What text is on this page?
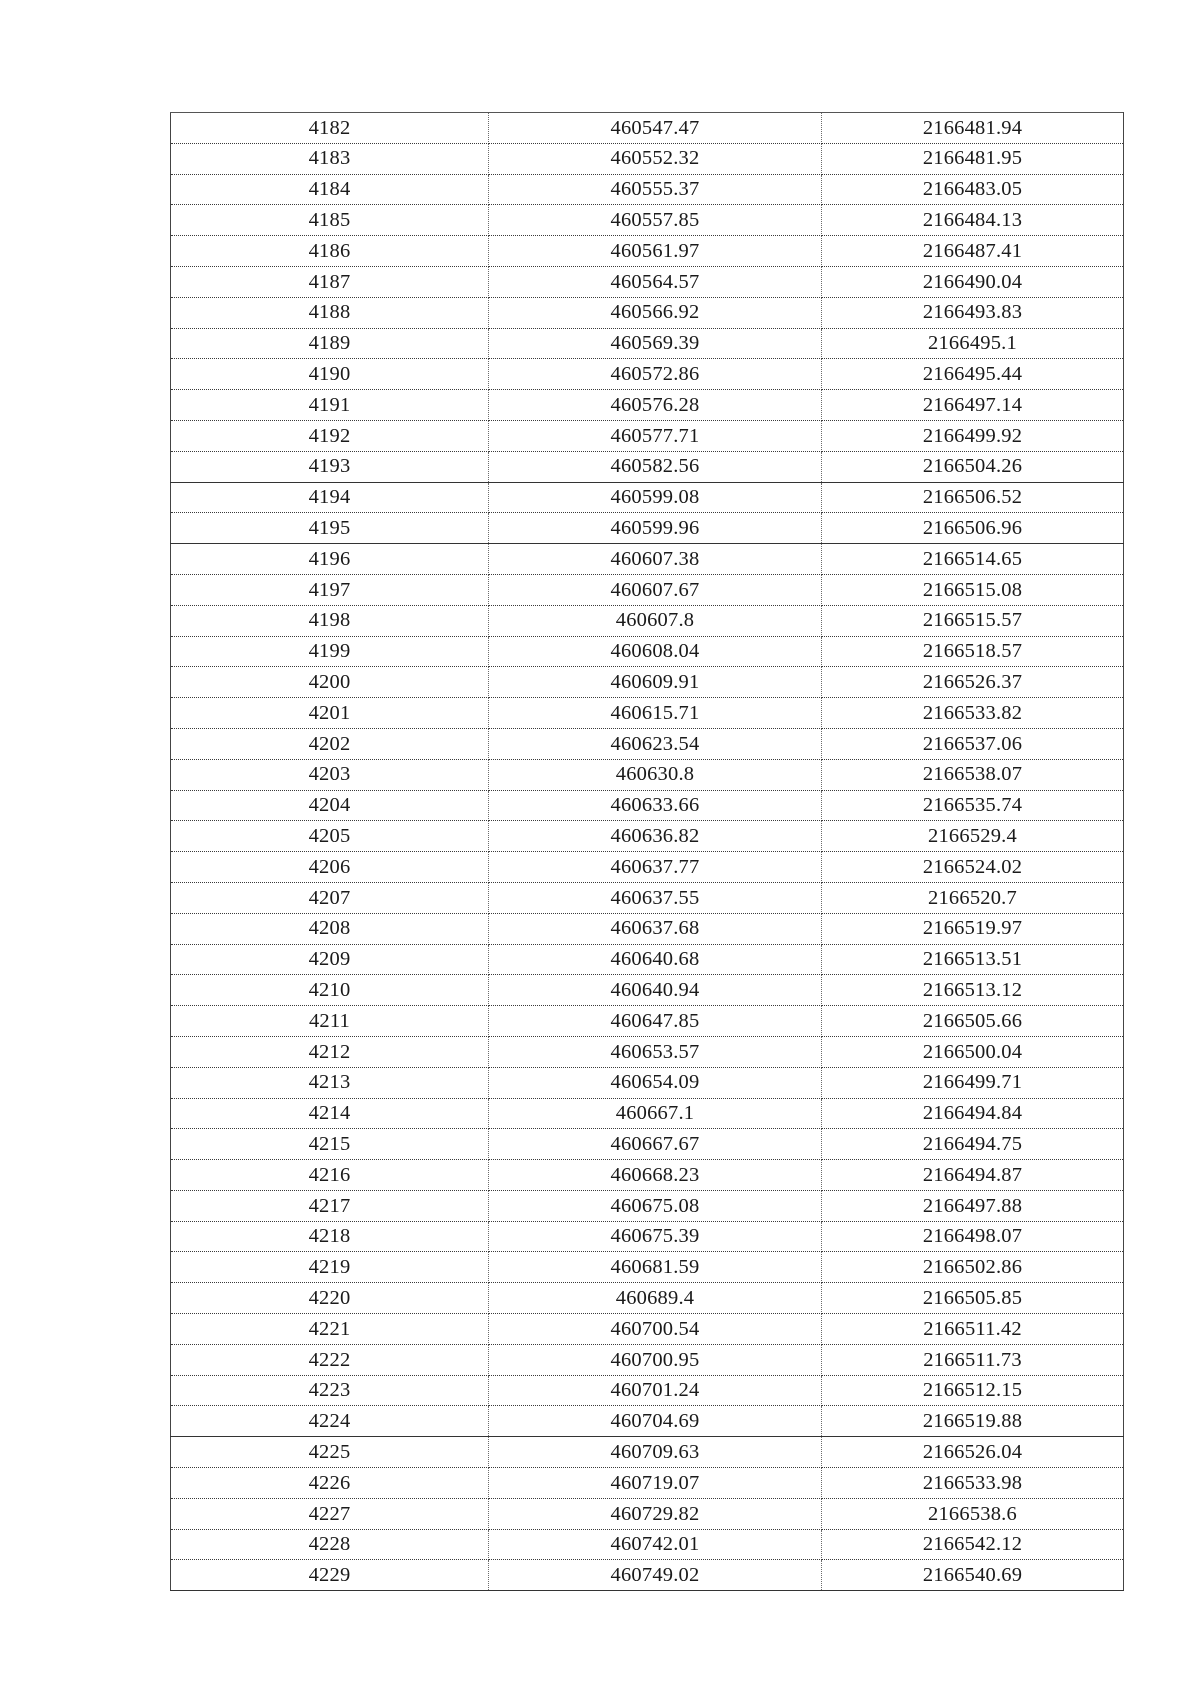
4182	460547.47	2166481.94
4183	460552.32	2166481.95
4184	460555.37	2166483.05
4185	460557.85	2166484.13
4186	460561.97	2166487.41
4187	460564.57	2166490.04
4188	460566.92	2166493.83
4189	460569.39	2166495.1
4190	460572.86	2166495.44
4191	460576.28	2166497.14
4192	460577.71	2166499.92
4193	460582.56	2166504.26
4194	460599.08	2166506.52
4195	460599.96	2166506.96
4196	460607.38	2166514.65
4197	460607.67	2166515.08
4198	460607.8	2166515.57
4199	460608.04	2166518.57
4200	460609.91	2166526.37
4201	460615.71	2166533.82
4202	460623.54	2166537.06
4203	460630.8	2166538.07
4204	460633.66	2166535.74
4205	460636.82	2166529.4
4206	460637.77	2166524.02
4207	460637.55	2166520.7
4208	460637.68	2166519.97
4209	460640.68	2166513.51
4210	460640.94	2166513.12
4211	460647.85	2166505.66
4212	460653.57	2166500.04
4213	460654.09	2166499.71
4214	460667.1	2166494.84
4215	460667.67	2166494.75
4216	460668.23	2166494.87
4217	460675.08	2166497.88
4218	460675.39	2166498.07
4219	460681.59	2166502.86
4220	460689.4	2166505.85
4221	460700.54	2166511.42
4222	460700.95	2166511.73
4223	460701.24	2166512.15
4224	460704.69	2166519.88
4225	460709.63	2166526.04
4226	460719.07	2166533.98
4227	460729.82	2166538.6
4228	460742.01	2166542.12
4229	460749.02	2166540.69
